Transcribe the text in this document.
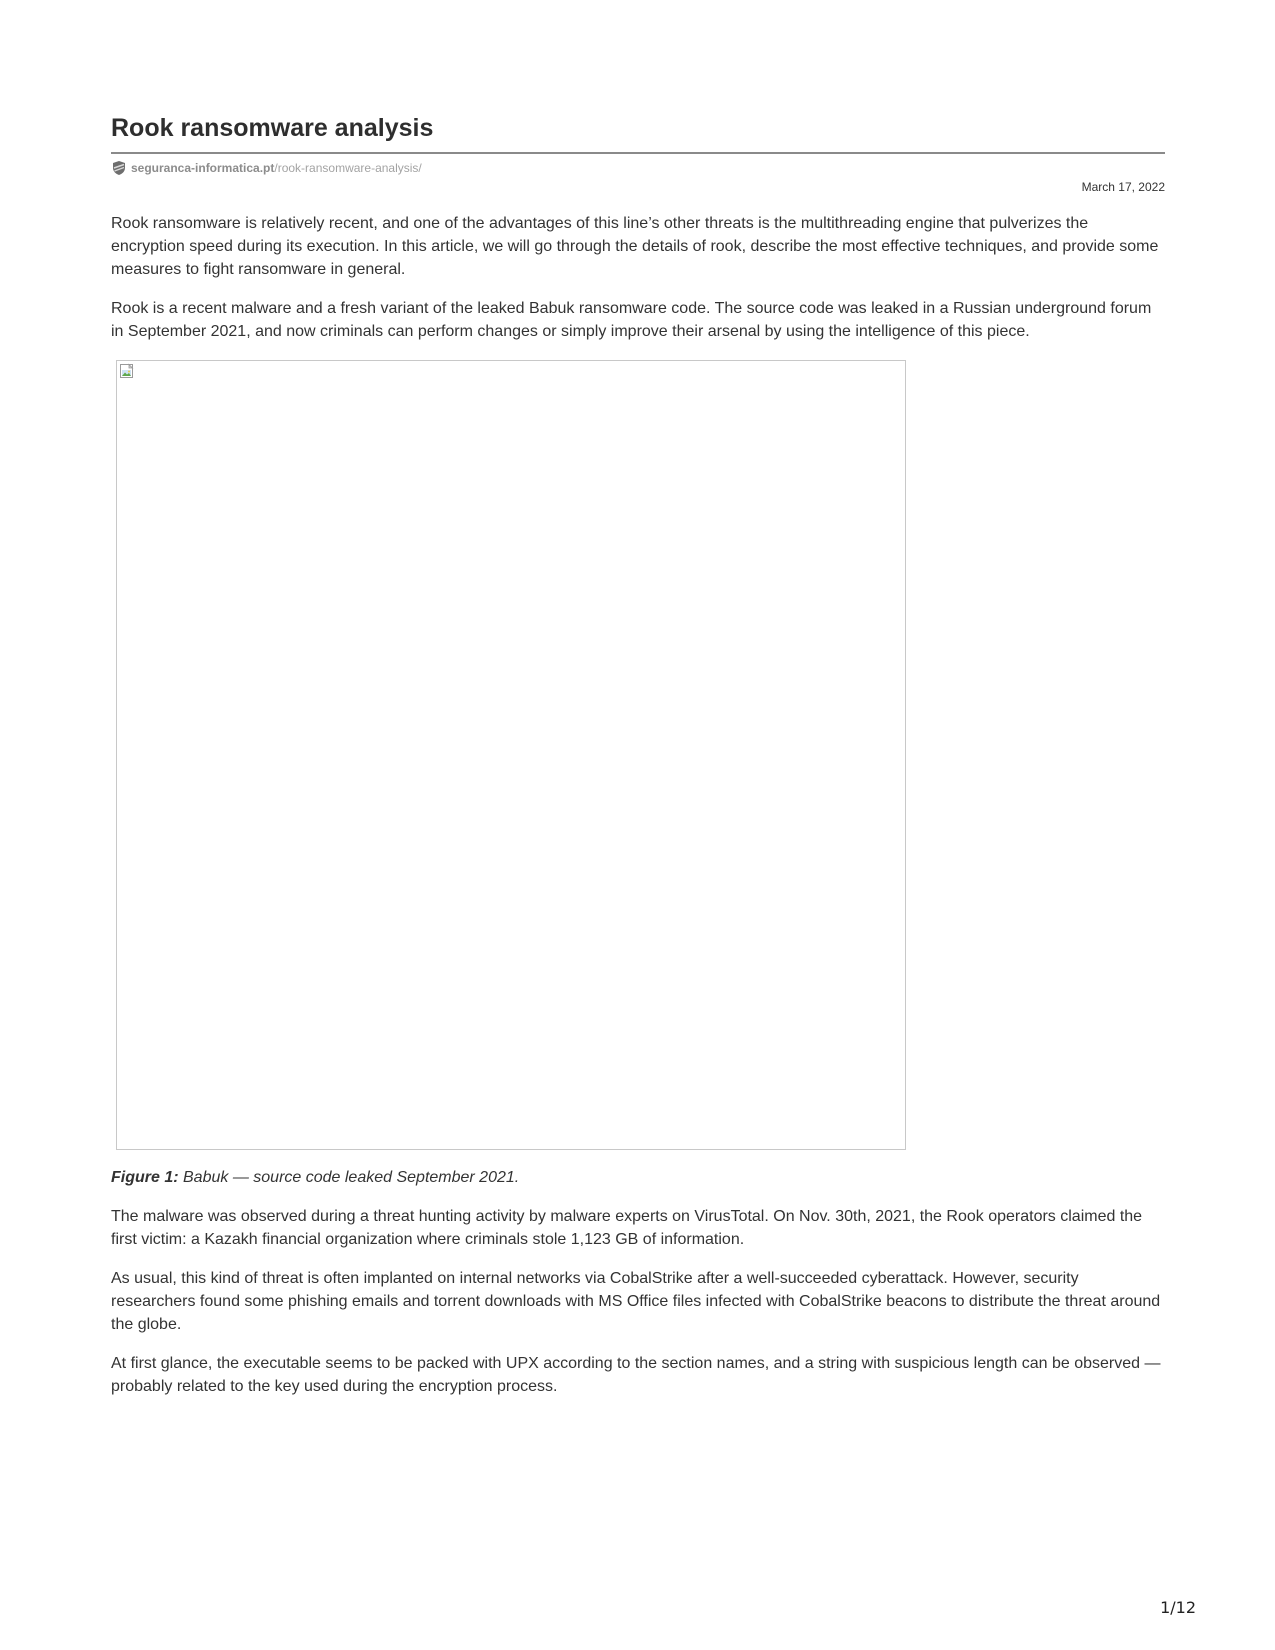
Rook ransomware analysis
seguranca-informatica.pt /rook-ransomware-analysis/
March 17, 2022

Rook ransomware is relatively recent, and one of the advantages of this line’s other threats is the multithreading engine that pulverizes the encryption speed during its execution. In this article, we will go through the details of rook, describe the most effective techniques, and provide some measures to fight ransomware in general.

Rook is a recent malware and a fresh variant of the leaked Babuk ransomware code. The source code was leaked in a Russian underground forum in September 2021, and now criminals can perform changes or simply improve their arsenal by using the intelligence of this piece.

Figure 1: Babuk — source code leaked September 2021.

The malware was observed during a threat hunting activity by malware experts on VirusTotal. On Nov. 30th, 2021, the Rook operators claimed the first victim: a Kazakh financial organization where criminals stole 1,123 GB of information.

As usual, this kind of threat is often implanted on internal networks via CobalStrike after a well-succeeded cyberattack. However, security researchers found some phishing emails and torrent downloads with MS Office files infected with CobalStrike beacons to distribute the threat around the globe.

At first glance, the executable seems to be packed with UPX according to the section names, and a string with suspicious length can be observed — probably related to the key used during the encryption process.

1/12
